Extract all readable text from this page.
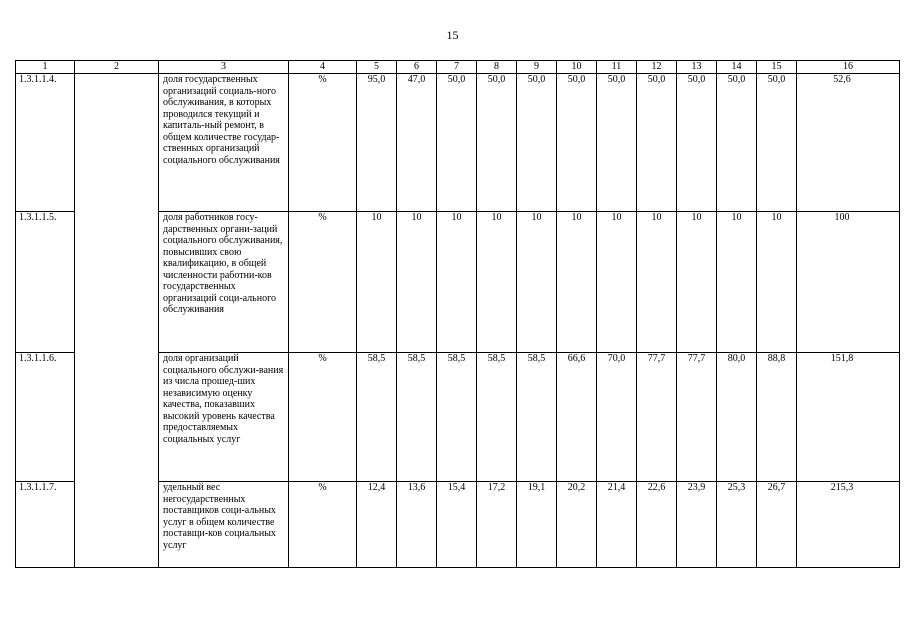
15
1	2	3	4	5	6	7	8	9	10	11	12	13	14	15	16
1.3.1.1.4.		доля государственных организаций социаль-ного обслуживания, в которых проводился текущий и капиталь-ный ремонт, в общем количестве государ-ственных организаций социального обслуживания	%	95,0	47,0	50,0	50,0	50,0	50,0	50,0	50,0	50,0	50,0	50,0	52,6
1.3.1.1.5.		доля работников госу-дарственных органи-заций социального обслуживания, повысивших свою квалификацию, в общей численности работни-ков государственных организаций соци-ального обслуживания	%	10	10	10	10	10	10	10	10	10	10	10	100
1.3.1.1.6.		доля организаций социального обслужи-вания из числа прошед-ших независимую оценку качества, показавших высокий уровень качества предоставляемых социальных услуг	%	58,5	58,5	58,5	58,5	58,5	66,6	70,0	77,7	77,7	80,0	88,8	151,8
1.3.1.1.7.		удельный вес негосударственных поставщиков соци-альных услуг в общем количестве поставщи-ков социальных услуг	%	12,4	13,6	15,4	17,2	19,1	20,2	21,4	22,6	23,9	25,3	26,7	215,3
